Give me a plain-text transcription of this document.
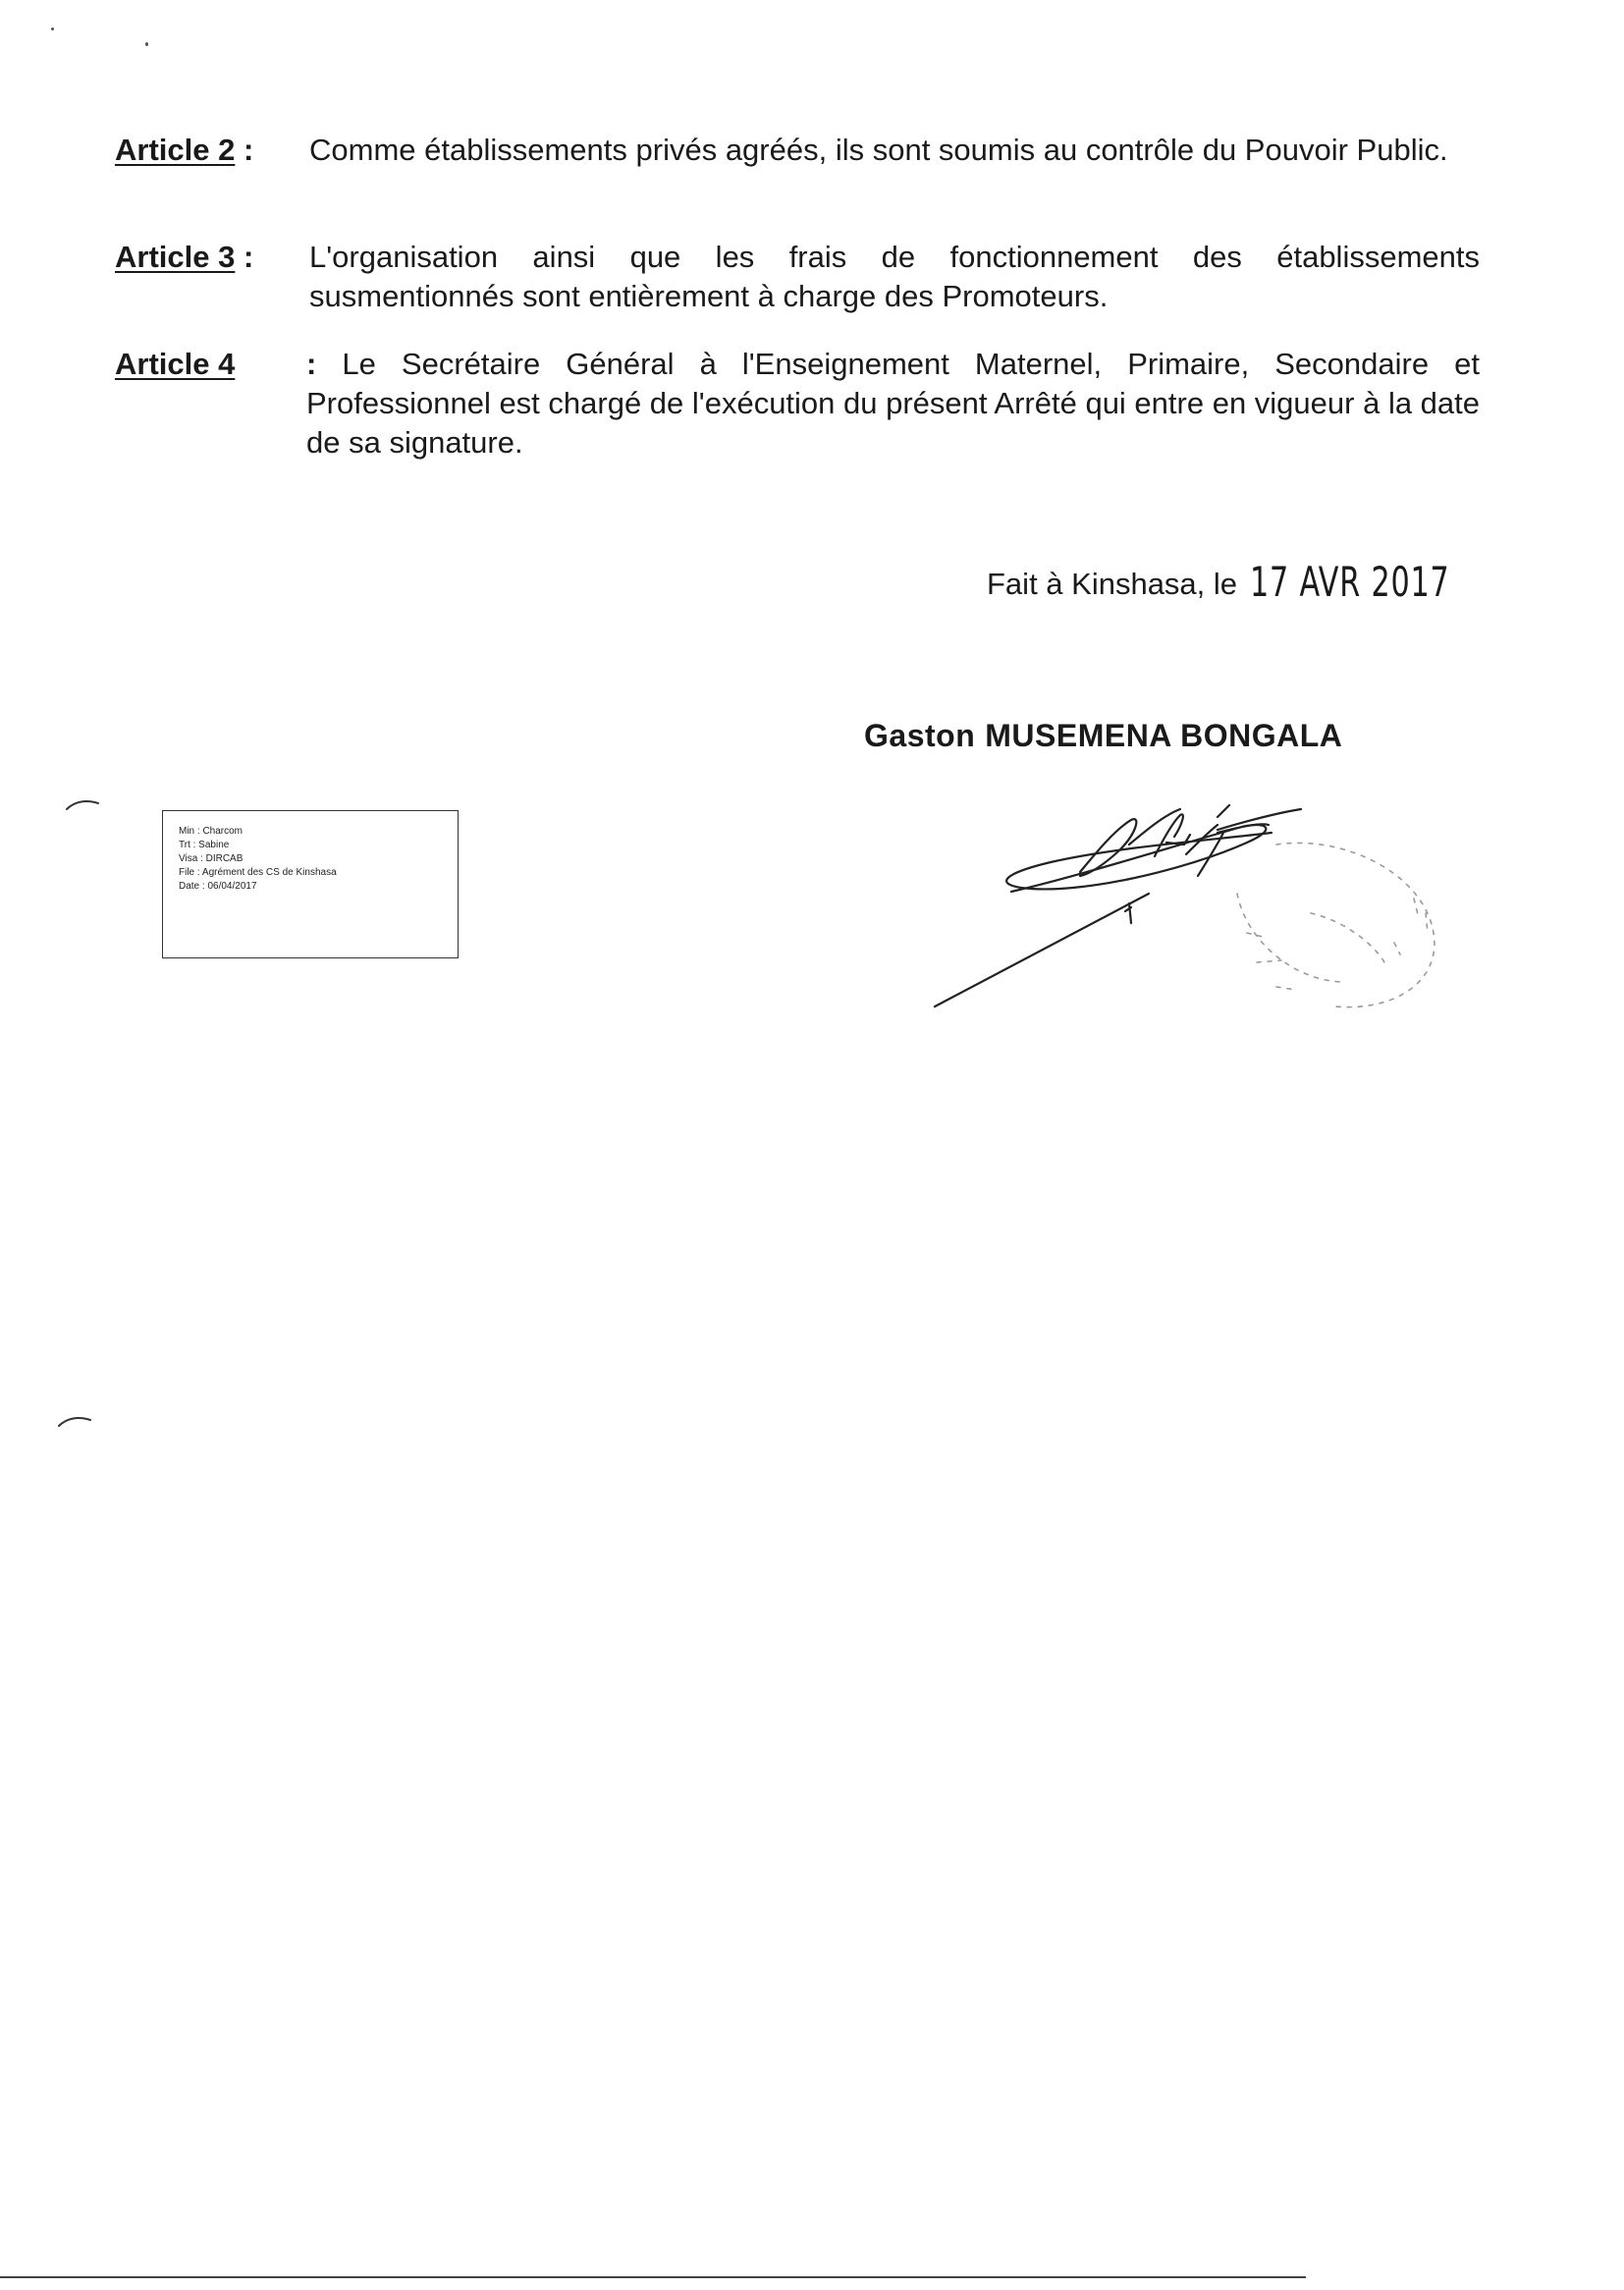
Article 2 : Comme établissements privés agréés, ils sont soumis au contrôle du Pouvoir Public.
Article 3 : L'organisation ainsi que les frais de fonctionnement des établissements susmentionnés sont entièrement à charge des Promoteurs.
Article 4 : Le Secrétaire Général à l'Enseignement Maternel, Primaire, Secondaire et Professionnel est chargé de l'exécution du présent Arrêté qui entre en vigueur à la date de sa signature.
Fait à Kinshasa, le 17 AVR 2017
Gaston MUSEMENA BONGALA
Min : Charcom
Trt : Sabine
Visa : DIRCAB
File : Agrément des CS de Kinshasa
Date : 06/04/2017
